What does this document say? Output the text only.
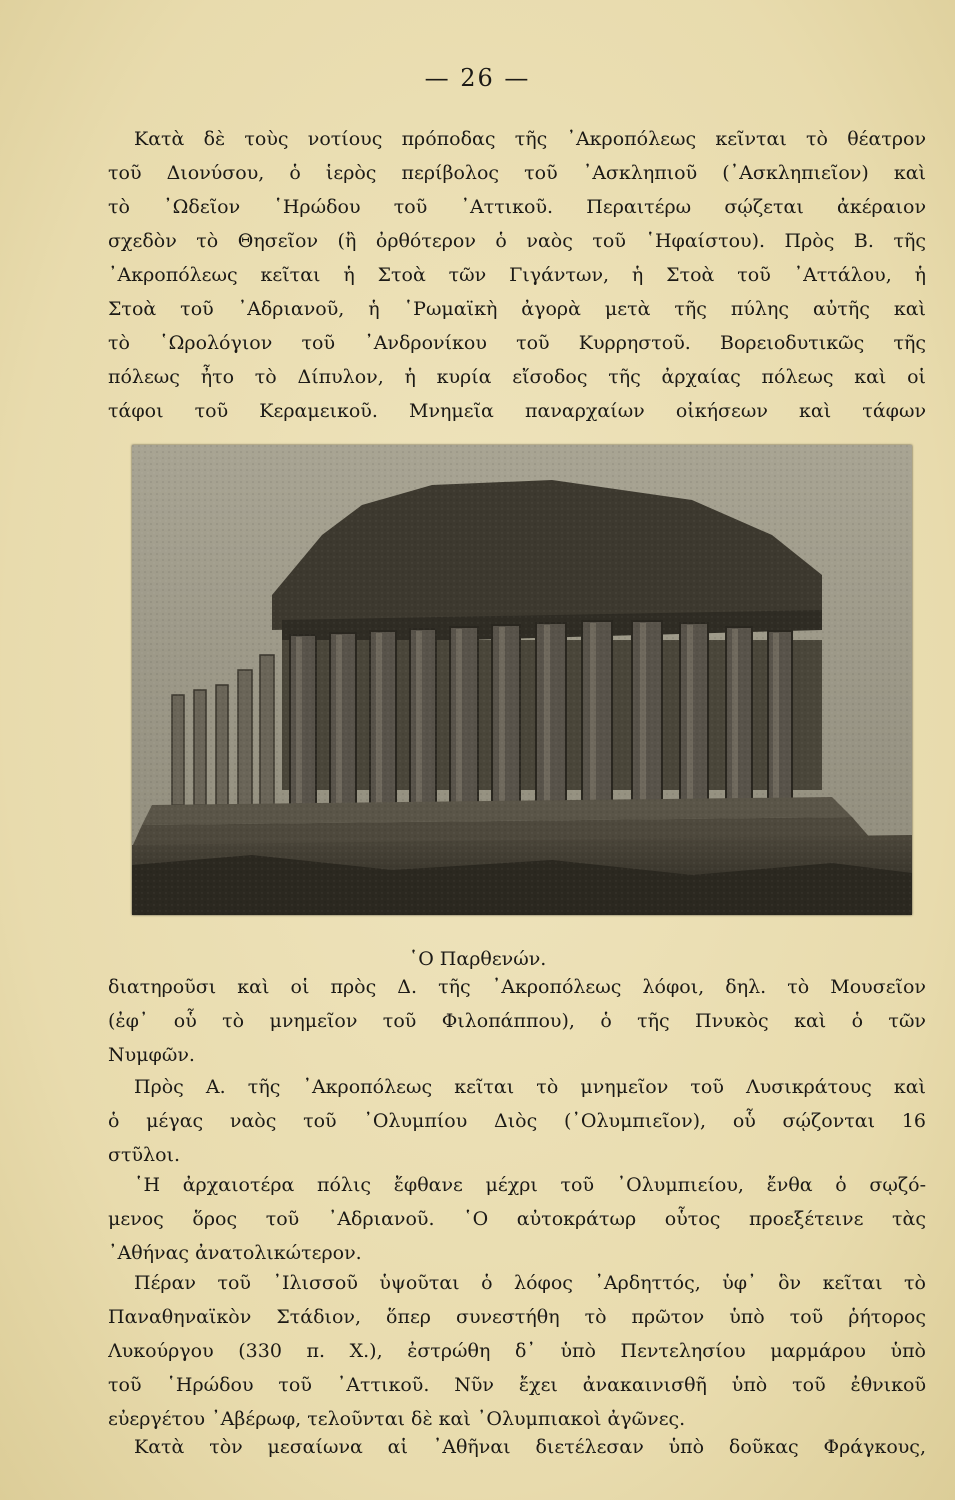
— 26 —
Κατὰ δὲ τοὺς νοτίους πρόποδας τῆς ᾿Ακροπόλεως κεῖνται τὸ θέατρον
τοῦ Διονύσου, ὁ ἱερὸς περίβολος τοῦ ᾿Ασκληπιοῦ (᾿Ασκληπιεῖον) καὶ
τὸ ᾿Ωδεῖον ῾Ηρώδου τοῦ ᾿Αττικοῦ. Περαιτέρω σῴζεται ἀκέραιον
σχεδὸν τὸ Θησεῖον (ἢ ὀρθότερον ὁ ναὸς τοῦ ῾Ηφαίστου). Πρὸς Β. τῆς
᾿Ακροπόλεως κεῖται ἡ Στοὰ τῶν Γιγάντων, ἡ Στοὰ τοῦ ᾿Αττάλου, ἡ
Στοὰ τοῦ ᾿Αδριανοῦ, ἡ ῾Ρωμαϊκὴ ἀγορὰ μετὰ τῆς πύλης αὐτῆς καὶ
τὸ ῾Ωρολόγιον τοῦ ᾿Ανδρονίκου τοῦ Κυρρηστοῦ. Βορειοδυτικῶς τῆς
πόλεως ἦτο τὸ Δίπυλον, ἡ κυρία εἴσοδος τῆς ἀρχαίας πόλεως καὶ οἱ
τάφοι τοῦ Κεραμεικοῦ. Μνημεῖα παναρχαίων οἰκήσεων καὶ τάφων
῾Ο Παρθενών.
διατηροῦσι καὶ οἱ πρὸς Δ. τῆς ᾿Ακροπόλεως λόφοι, δηλ. τὸ Μουσεῖον
(ἐφ᾿ οὗ τὸ μνημεῖον τοῦ Φιλοπάππου), ὁ τῆς Πνυκὸς καὶ ὁ τῶν
Νυμφῶν.
Πρὸς Α. τῆς ᾿Ακροπόλεως κεῖται τὸ μνημεῖον τοῦ Λυσικράτους καὶ
ὁ μέγας ναὸς τοῦ ᾿Ολυμπίου Διὸς (᾿Ολυμπιεῖον), οὗ σῴζονται 16
στῦλοι.
῾Η ἀρχαιοτέρα πόλις ἔφθανε μέχρι τοῦ ᾿Ολυμπιείου, ἔνθα ὁ σῳζό-
μενος ὅρος τοῦ ᾿Αδριανοῦ. ῾Ο αὐτοκράτωρ οὗτος προεξέτεινε τὰς
᾿Αθήνας ἀνατολικώτερον.
Πέραν τοῦ ᾿Ιλισσοῦ ὑψοῦται ὁ λόφος ᾿Αρδηττός, ὑφ᾿ ὃν κεῖται τὸ
Παναθηναϊκὸν Στάδιον, ὅπερ συνεστήθη τὸ πρῶτον ὑπὸ τοῦ ῥήτορος
Λυκούργου (330 π. Χ.), ἐστρώθη δ᾿ ὑπὸ Πεντελησίου μαρμάρου ὑπὸ
τοῦ ῾Ηρώδου τοῦ ᾿Αττικοῦ. Νῦν ἔχει ἀνακαινισθῆ ὑπὸ τοῦ ἐθνικοῦ
εὐεργέτου ᾿Αβέρωφ, τελοῦνται δὲ καὶ ᾿Ολυμπιακοὶ ἀγῶνες.
Κατὰ τὸν μεσαίωνα αἱ ᾿Αθῆναι διετέλεσαν ὑπὸ δοῦκας Φράγκους,
